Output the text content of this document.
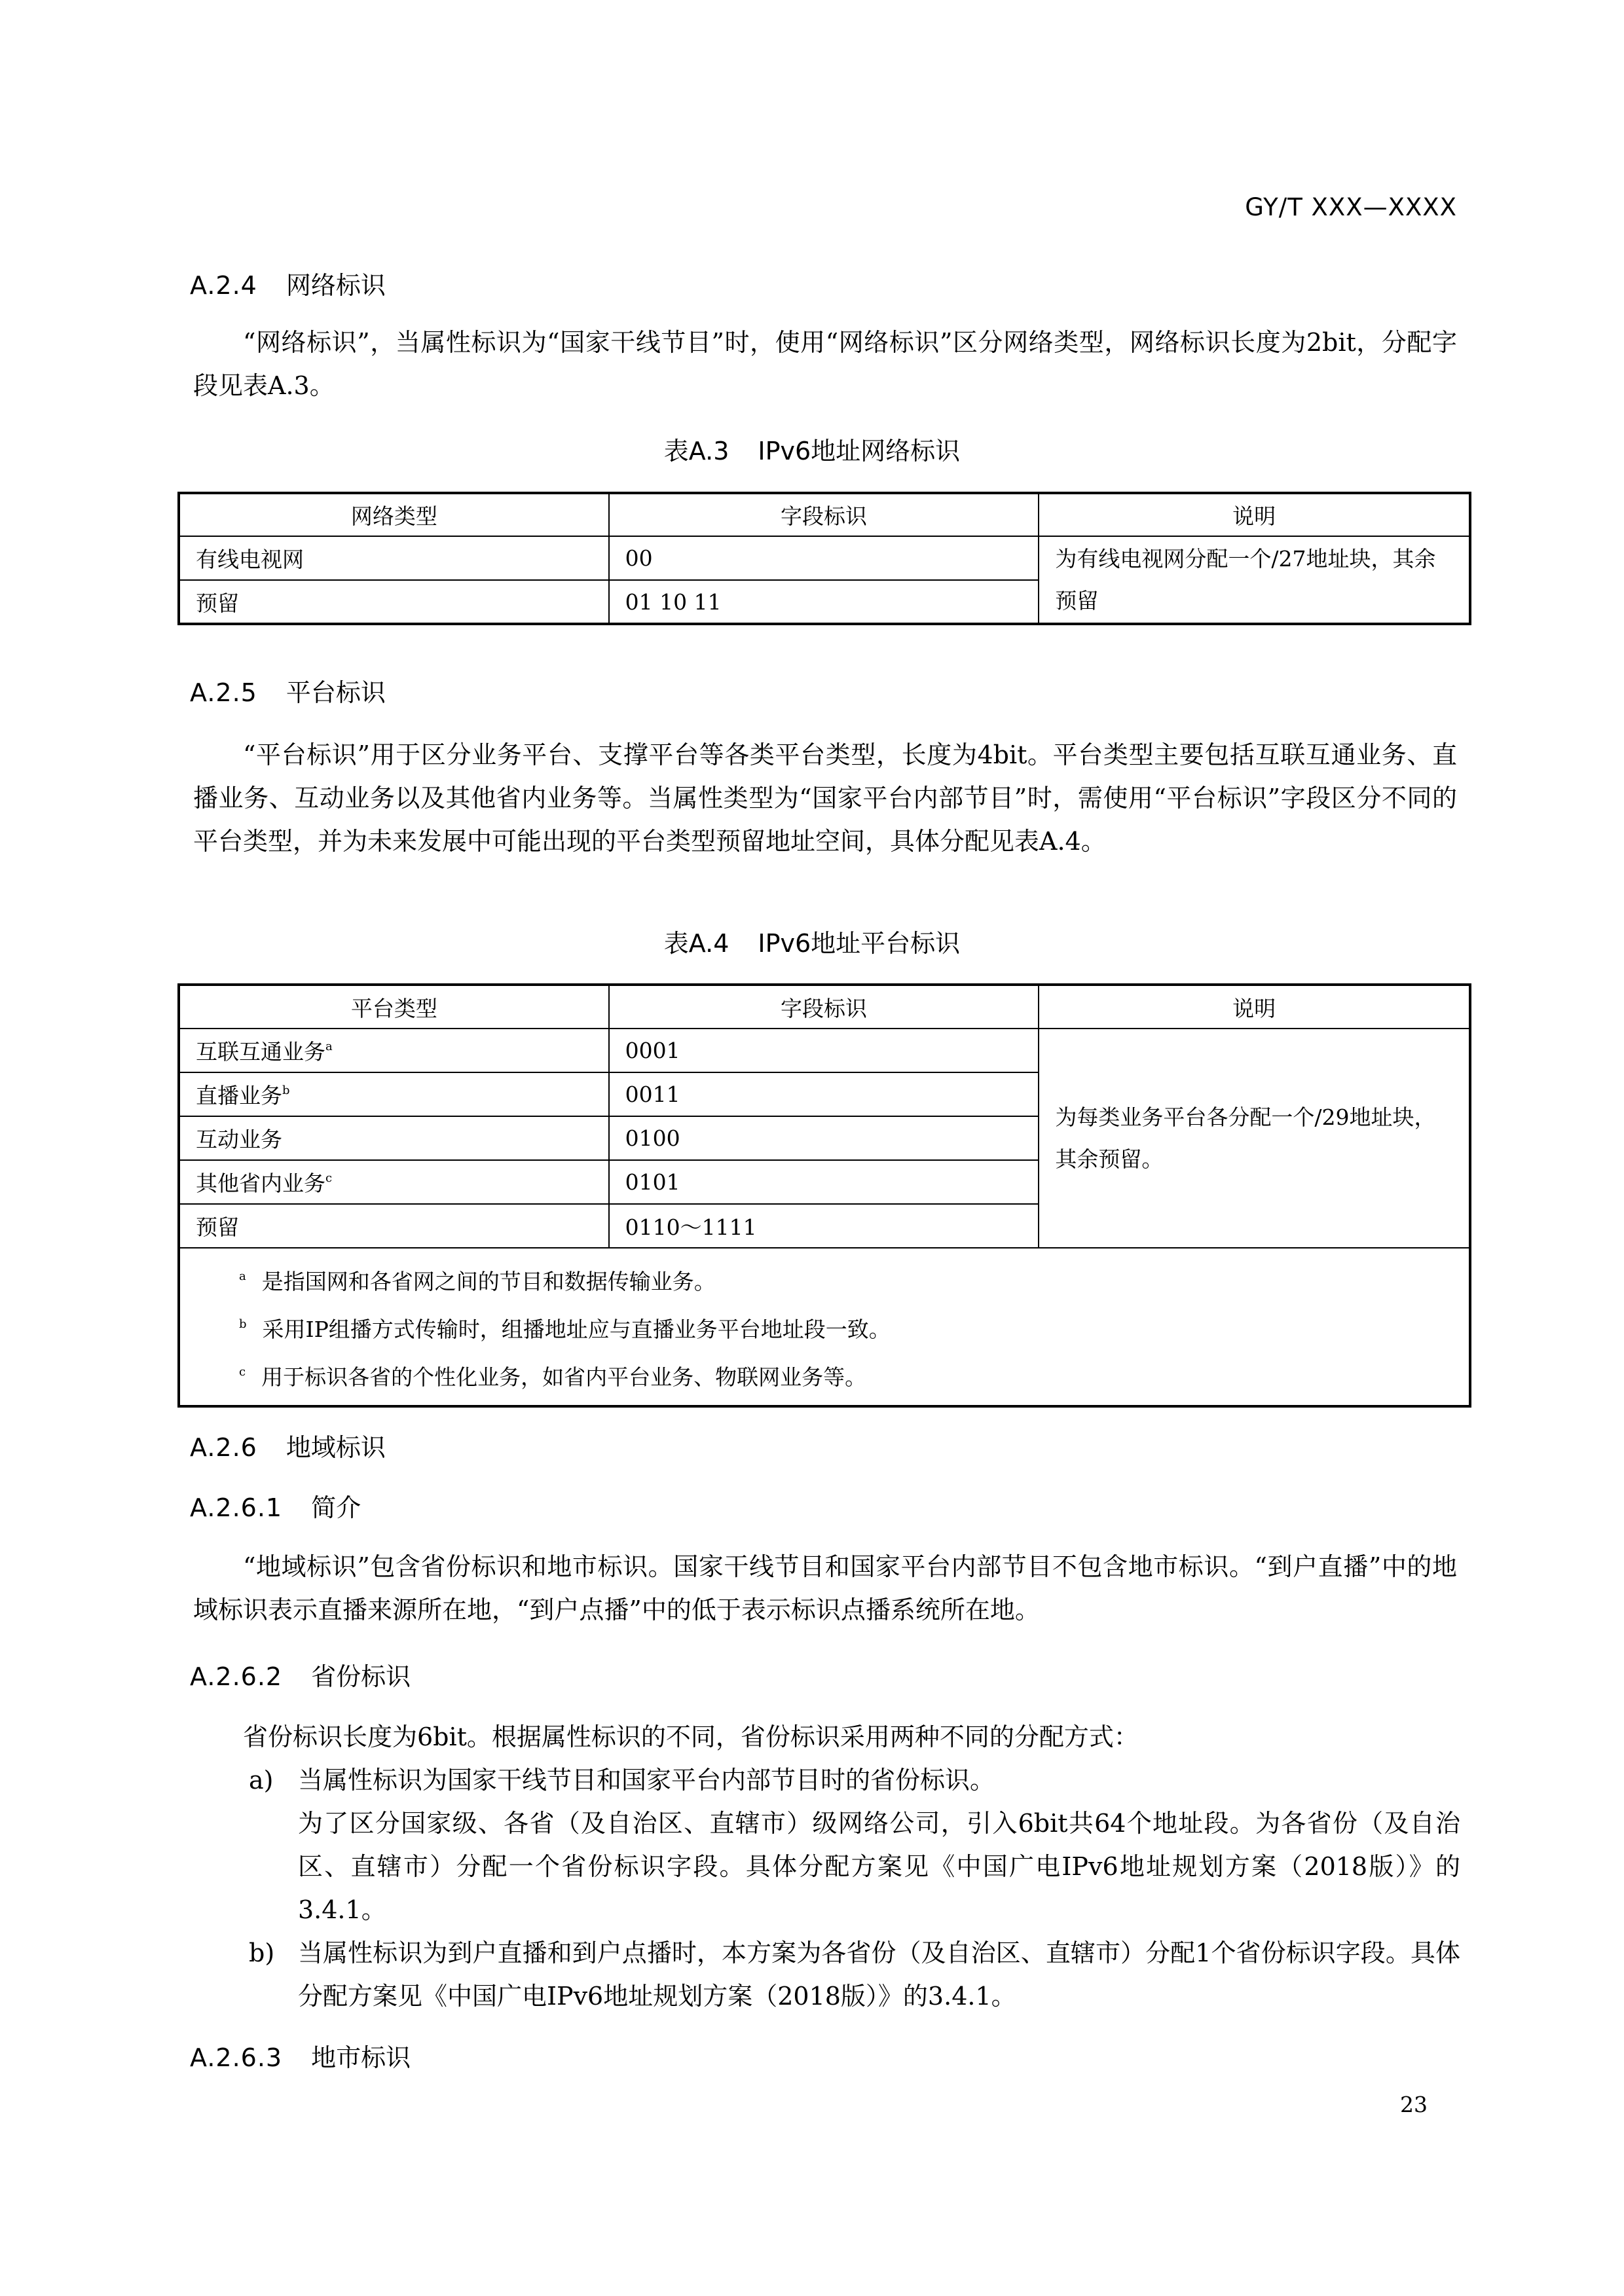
GY/T XXX—XXXX
A.2.4 网络标识
“网络标识”，当属性标识为“国家干线节目”时，使用“网络标识”区分网络类型，网络标识长度为2bit，分配字段见表A.3。
表A.3 IPv6地址网络标识
网络类型	字段标识	说明
有线电视网	00	为有线电视网分配一个/27地址块，其余预留
预留	01 10 11	
A.2.5 平台标识
“平台标识”用于区分业务平台、支撑平台等各类平台类型，长度为4bit。平台类型主要包括互联互通业务、直播业务、互动业务以及其他省内业务等。当属性类型为“国家平台内部节目”时，需使用“平台标识”字段区分不同的平台类型，并为未来发展中可能出现的平台类型预留地址空间，具体分配见表A.4。
表A.4 IPv6地址平台标识
平台类型	字段标识	说明
互联互通业务$^a$	0001	为每类业务平台各分配一个/29地址块，其余预留。
直播业务$^b$	0011	
互动业务	0100	
其他省内业务$^c$	0101	
预留	0110～1111	

$^a$ 是指国网和各省网之间的节目和数据传输业务。
$^b$ 采用IP组播方式传输时，组播地址应与直播业务平台地址段一致。
$^c$ 用于标识各省的个性化业务，如省内平台业务、物联网业务等。		
A.2.6 地域标识
A.2.6.1 简介
“地域标识”包含省份标识和地市标识。国家干线节目和国家平台内部节目不包含地市标识。“到户直播”中的地域标识表示直播来源所在地，“到户点播”中的低于表示标识点播系统所在地。
A.2.6.2 省份标识
省份标识长度为6bit。根据属性标识的不同，省份标识采用两种不同的分配方式：
a) 当属性标识为国家干线节目和国家平台内部节目时的省份标识。
为了区分国家级、各省（及自治区、直辖市）级网络公司，引入6bit共64个地址段。为各省份（及自治区、直辖市）分配一个省份标识字段。具体分配方案见《中国广电IPv6地址规划方案（2018版）》的3.4.1。
b) 当属性标识为到户直播和到户点播时，本方案为各省份（及自治区、直辖市）分配1个省份标识字段。具体分配方案见《中国广电IPv6地址规划方案（2018版）》的3.4.1。
A.2.6.3 地市标识
23
